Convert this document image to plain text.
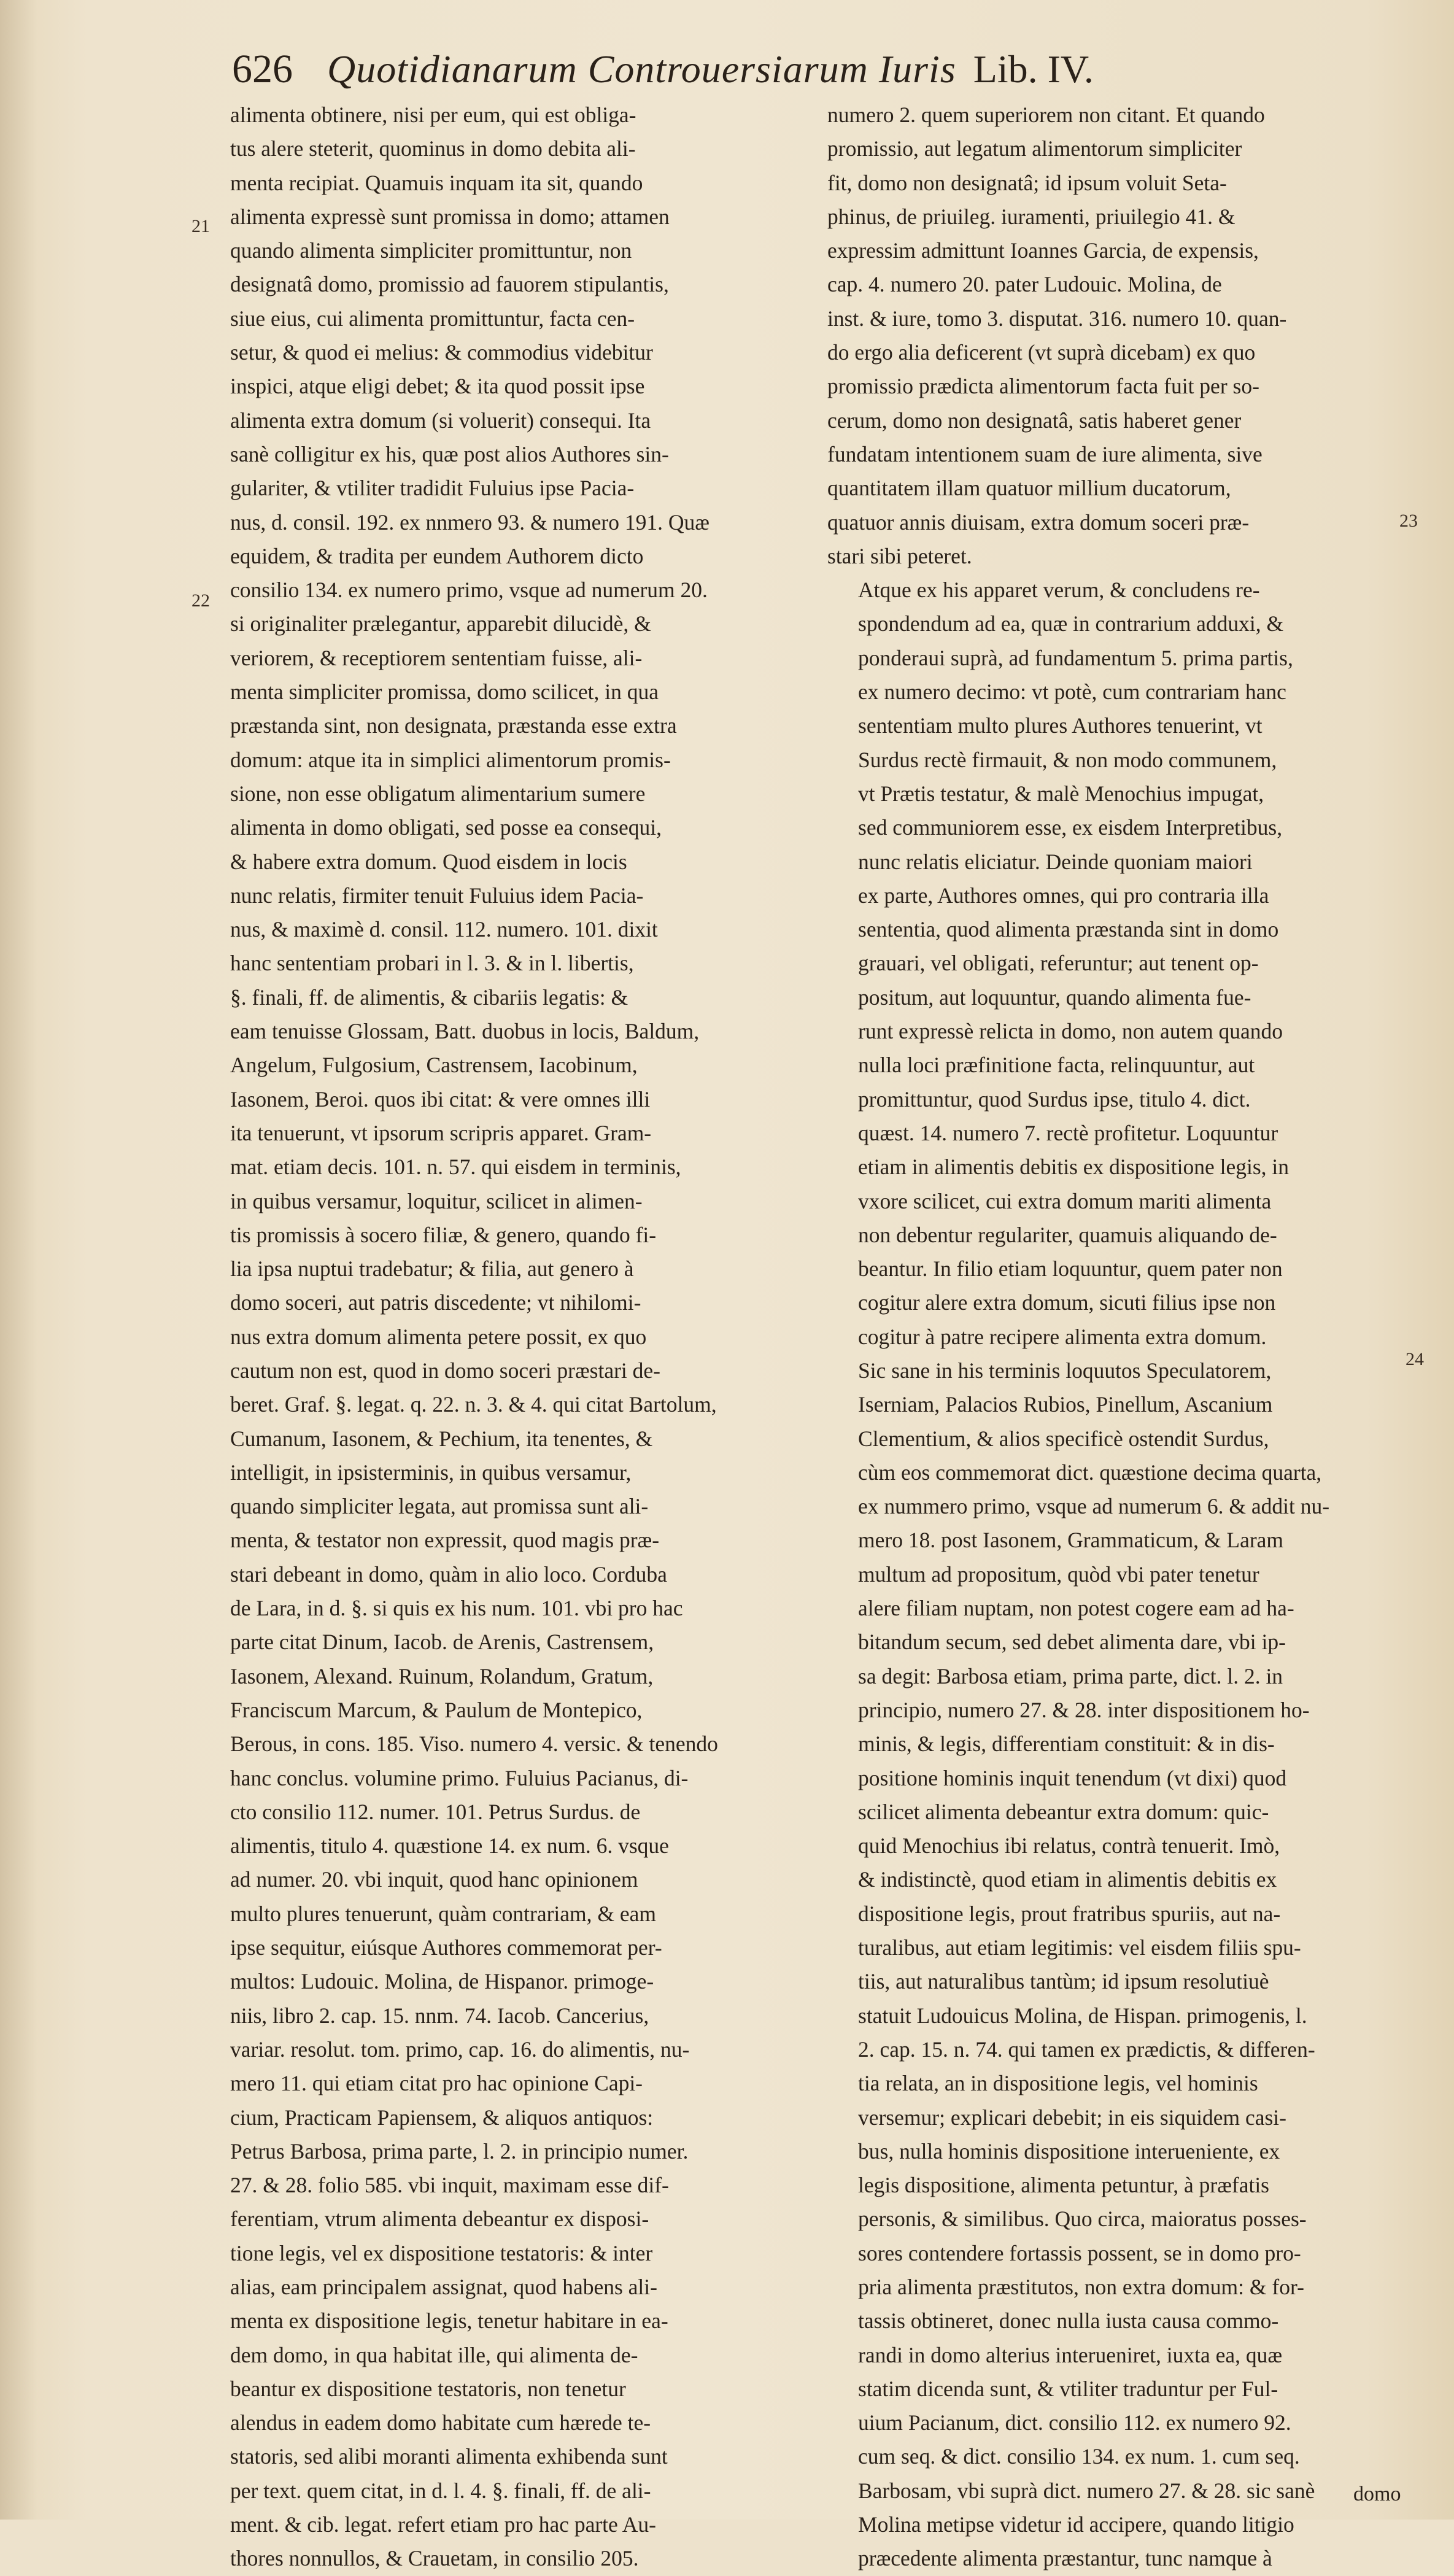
626 Quotidianarum Controuersiarum Iuris Lib. IV.
21
22
23
24
alimenta obtinere, nisi per eum, qui est obliga-
tus alere steterit, quominus in domo debita ali-
menta recipiat. Quamuis inquam ita sit, quando
alimenta expressè sunt promissa in domo; attamen
quando alimenta simpliciter promittuntur, non
designatâ domo, promissio ad fauorem stipulantis,
siue eius, cui alimenta promittuntur, facta cen-
setur, & quod ei melius: & commodius videbitur
inspici, atque eligi debet; & ita quod possit ipse
alimenta extra domum (si voluerit) consequi. Ita
sanè colligitur ex his, quæ post alios Authores sin-
gulariter, & vtiliter tradidit Fuluius ipse Pacia-
nus, d. consil. 192. ex nnmero 93. & numero 191. Quæ
equidem, & tradita per eundem Authorem dicto
consilio 134. ex numero primo, vsque ad numerum 20.
si originaliter prælegantur, apparebit dilucidè, &
veriorem, & receptiorem sententiam fuisse, ali-
menta simpliciter promissa, domo scilicet, in qua
præstanda sint, non designata, præstanda esse extra
domum: atque ita in simplici alimentorum promis-
sione, non esse obligatum alimentarium sumere
alimenta in domo obligati, sed posse ea consequi,
& habere extra domum. Quod eisdem in locis
nunc relatis, firmiter tenuit Fuluius idem Pacia-
nus, & maximè d. consil. 112. numero. 101. dixit
hanc sententiam probari in l. 3. & in l. libertis,
§. finali, ff. de alimentis, & cibariis legatis: &
eam tenuisse Glossam, Batt. duobus in locis, Baldum,
Angelum, Fulgosium, Castrensem, Iacobinum,
Iasonem, Beroi. quos ibi citat: & vere omnes illi
ita tenuerunt, vt ipsorum scripris apparet. Gram-
mat. etiam decis. 101. n. 57. qui eisdem in terminis,
in quibus versamur, loquitur, scilicet in alimen-
tis promissis à socero filiæ, & genero, quando fi-
lia ipsa nuptui tradebatur; & filia, aut genero à
domo soceri, aut patris discedente; vt nihilomi-
nus extra domum alimenta petere possit, ex quo
cautum non est, quod in domo soceri præstari de-
beret. Graf. §. legat. q. 22. n. 3. & 4. qui citat Bartolum,
Cumanum, Iasonem, & Pechium, ita tenentes, &
intelligit, in ipsisterminis, in quibus versamur,
quando simpliciter legata, aut promissa sunt ali-
menta, & testator non expressit, quod magis præ-
stari debeant in domo, quàm in alio loco. Corduba
de Lara, in d. §. si quis ex his num. 101. vbi pro hac
parte citat Dinum, Iacob. de Arenis, Castrensem,
Iasonem, Alexand. Ruinum, Rolandum, Gratum,
Franciscum Marcum, & Paulum de Montepico,
Berous, in cons. 185. Viso. numero 4. versic. & tenendo
hanc conclus. volumine primo. Fuluius Pacianus, di-
cto consilio 112. numer. 101. Petrus Surdus. de
alimentis, titulo 4. quæstione 14. ex num. 6. vsque
ad numer. 20. vbi inquit, quod hanc opinionem
multo plures tenuerunt, quàm contrariam, & eam
ipse sequitur, eiúsque Authores commemorat per-
multos: Ludouic. Molina, de Hispanor. primoge-
niis, libro 2. cap. 15. nnm. 74. Iacob. Cancerius,
variar. resolut. tom. primo, cap. 16. do alimentis, nu-
mero 11. qui etiam citat pro hac opinione Capi-
cium, Practicam Papiensem, & aliquos antiquos:
Petrus Barbosa, prima parte, l. 2. in principio numer.
27. & 28. folio 585. vbi inquit, maximam esse dif-
ferentiam, vtrum alimenta debeantur ex disposi-
tione legis, vel ex dispositione testatoris: & inter
alias, eam principalem assignat, quod habens ali-
menta ex dispositione legis, tenetur habitare in ea-
dem domo, in qua habitat ille, qui alimenta de-
beantur ex dispositione testatoris, non tenetur
alendus in eadem domo habitate cum hærede te-
statoris, sed alibi moranti alimenta exhibenda sunt
per text. quem citat, in d. l. 4. §. finali, ff. de ali-
ment. & cib. legat. refert etiam pro hac parte Au-
thores nonnullos, & Crauetam, in consilio 205.

numero 2. quem superiorem non citant. Et quando
promissio, aut legatum alimentorum simpliciter
fit, domo non designatâ; id ipsum voluit Seta-
phinus, de priuileg. iuramenti, priuilegio 41. &
expressim admittunt Ioannes Garcia, de expensis,
cap. 4. numero 20. pater Ludouic. Molina, de
inst. & iure, tomo 3. disputat. 316. numero 10. quan-
do ergo alia deficerent (vt suprà dicebam) ex quo
promissio prædicta alimentorum facta fuit per so-
cerum, domo non designatâ, satis haberet gener
fundatam intentionem suam de iure alimenta, sive
quantitatem illam quatuor millium ducatorum,
quatuor annis diuisam, extra domum soceri præ-
stari sibi peteret.

Atque ex his apparet verum, & concludens re-
spondendum ad ea, quæ in contrarium adduxi, &
ponderaui suprà, ad fundamentum 5. prima partis,
ex numero decimo: vt potè, cum contrariam hanc
sententiam multo plures Authores tenuerint, vt
Surdus rectè firmauit, & non modo communem,
vt Prætis testatur, & malè Menochius impugat,
sed communiorem esse, ex eisdem Interpretibus,
nunc relatis eliciatur. Deinde quoniam maiori
ex parte, Authores omnes, qui pro contraria illa
sententia, quod alimenta præstanda sint in domo
grauari, vel obligati, referuntur; aut tenent op-
positum, aut loquuntur, quando alimenta fue-
runt expressè relicta in domo, non autem quando
nulla loci præfinitione facta, relinquuntur, aut
promittuntur, quod Surdus ipse, titulo 4. dict.
quæst. 14. numero 7. rectè profitetur. Loquuntur
etiam in alimentis debitis ex dispositione legis, in
vxore scilicet, cui extra domum mariti alimenta
non debentur regulariter, quamuis aliquando de-
beantur. In filio etiam loquuntur, quem pater non
cogitur alere extra domum, sicuti filius ipse non
cogitur à patre recipere alimenta extra domum.
Sic sane in his terminis loquutos Speculatorem,
Iserniam, Palacios Rubios, Pinellum, Ascanium
Clementium, & alios specificè ostendit Surdus,
cùm eos commemorat dict. quæstione decima quarta,
ex nummero primo, vsque ad numerum 6. & addit nu-
mero 18. post Iasonem, Grammaticum, & Laram
multum ad propositum, quòd vbi pater tenetur
alere filiam nuptam, non potest cogere eam ad ha-
bitandum secum, sed debet alimenta dare, vbi ip-
sa degit: Barbosa etiam, prima parte, dict. l. 2. in
principio, numero 27. & 28. inter dispositionem ho-
minis, & legis, differentiam constituit: & in dis-
positione hominis inquit tenendum (vt dixi) quod
scilicet alimenta debeantur extra domum: quic-
quid Menochius ibi relatus, contrà tenuerit. Imò,
& indistinctè, quod etiam in alimentis debitis ex
dispositione legis, prout fratribus spuriis, aut na-
turalibus, aut etiam legitimis: vel eisdem filiis spu-
tiis, aut naturalibus tantùm; id ipsum resolutiuè
statuit Ludouicus Molina, de Hispan. primogenis, l.
2. cap. 15. n. 74. qui tamen ex prædictis, & differen-
tia relata, an in dispositione legis, vel hominis
versemur; explicari debebit; in eis siquidem casi-
bus, nulla hominis dispositione interueniente, ex
legis dispositione, alimenta petuntur, à præfatis
personis, & similibus. Quo circa, maioratus posses-
sores contendere fortassis possent, se in domo pro-
pria alimenta præstitutos, non extra domum: & for-
tassis obtineret, donec nulla iusta causa commo-
randi in domo alterius interueniret, iuxta ea, quæ
statim dicenda sunt, & vtiliter traduntur per Ful-
uium Pacianum, dict. consilio 112. ex numero 92.
cum seq. & dict. consilio 134. ex num. 1. cum seq.
Barbosam, vbi suprà dict. numero 27. & 28. sic sanè
Molina metipse videtur id accipere, quando litigio
præcedente alimenta præstantur, tunc namque à

domo
